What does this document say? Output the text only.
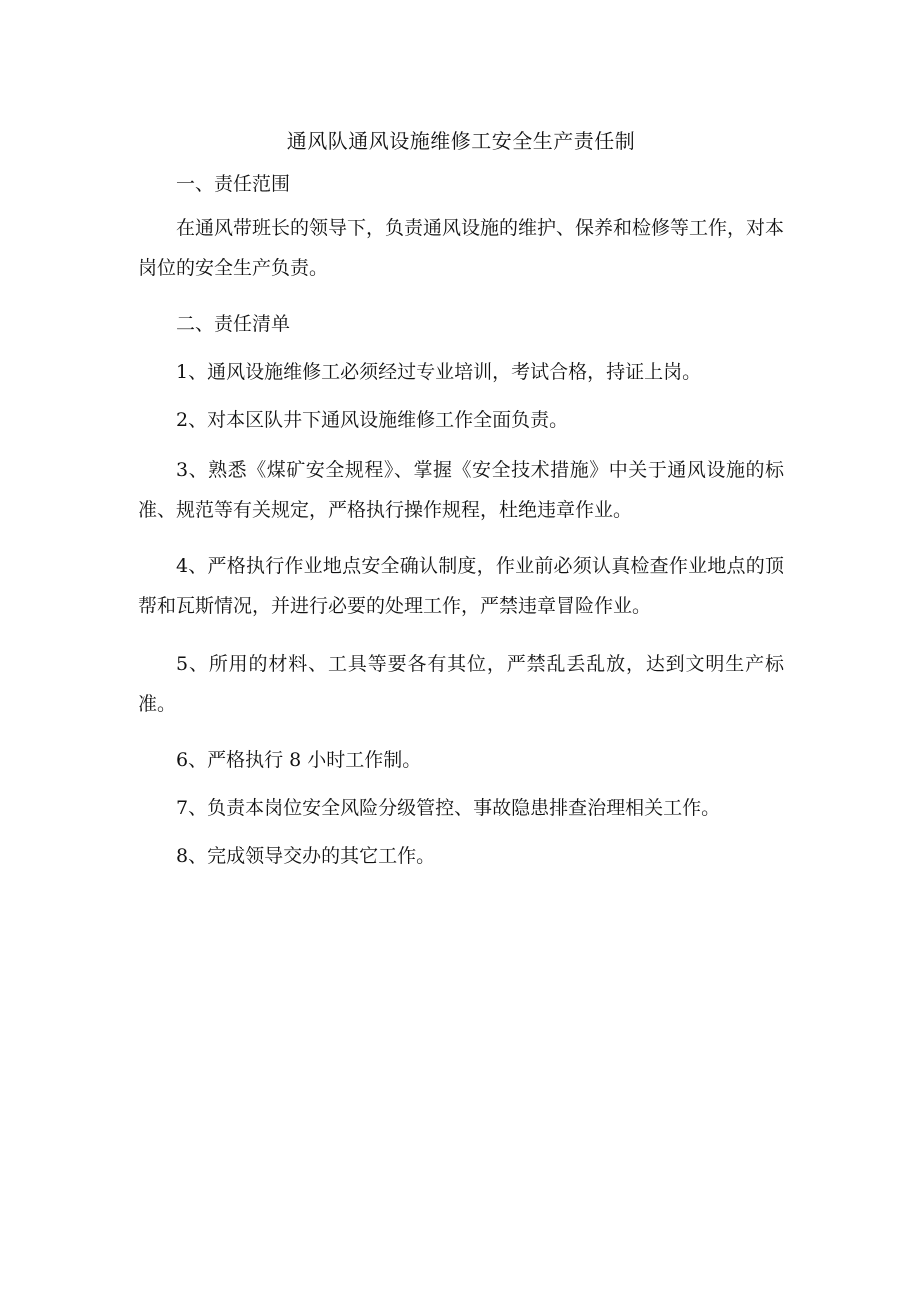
通风队通风设施维修工安全生产责任制

一、责任范围

在通风带班长的领导下，负责通风设施的维护、保养和检修等工作，对本岗位的安全生产负责。

二、责任清单

1、通风设施维修工必须经过专业培训，考试合格，持证上岗。

2、对本区队井下通风设施维修工作全面负责。

3、熟悉《煤矿安全规程》、掌握《安全技术措施》中关于通风设施的标准、规范等有关规定，严格执行操作规程，杜绝违章作业。

4、严格执行作业地点安全确认制度，作业前必须认真检查作业地点的顶帮和瓦斯情况，并进行必要的处理工作，严禁违章冒险作业。

5、所用的材料、工具等要各有其位，严禁乱丢乱放，达到文明生产标准。

6、严格执行 8 小时工作制。

7、负责本岗位安全风险分级管控、事故隐患排查治理相关工作。

8、完成领导交办的其它工作。
